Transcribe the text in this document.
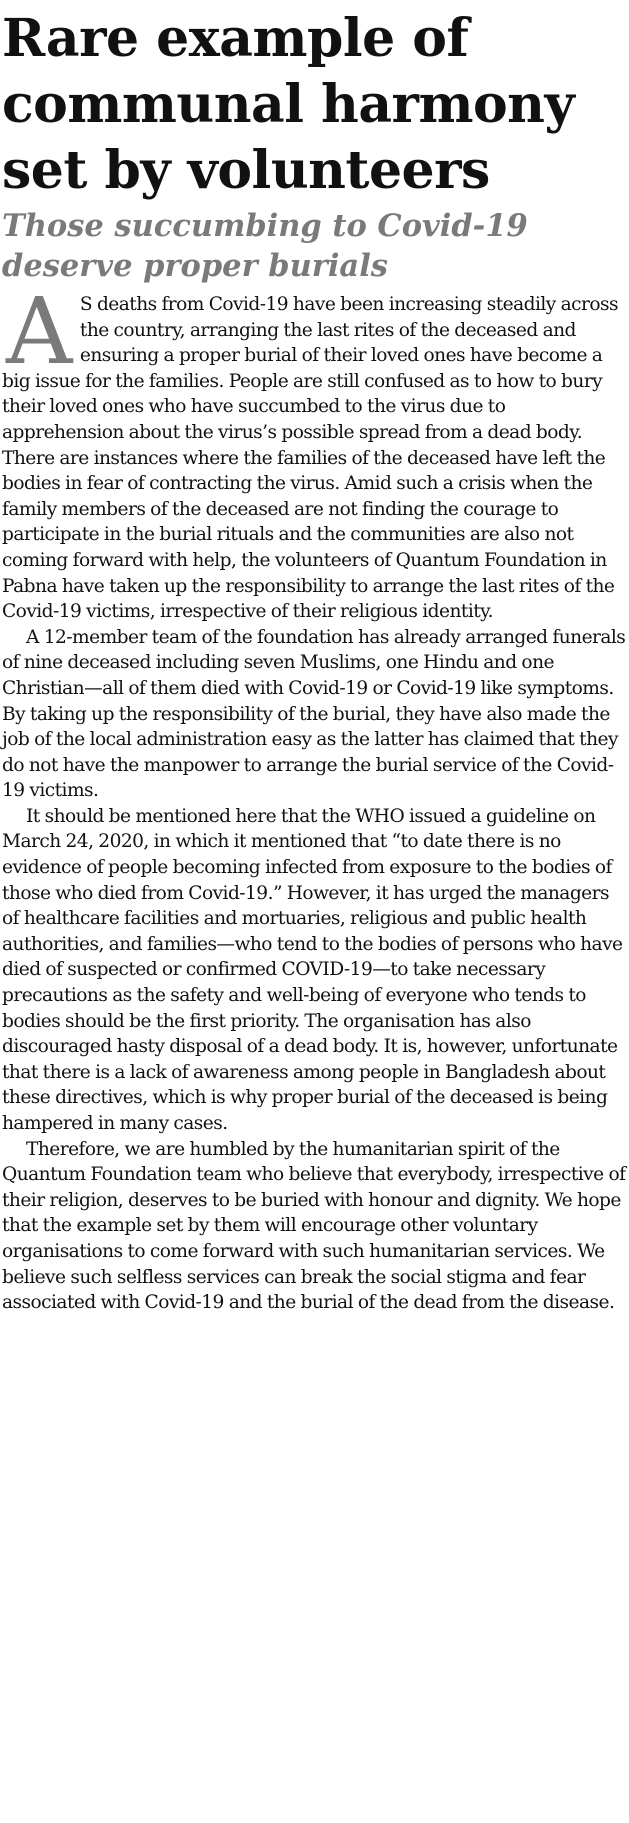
Rare example of communal harmony set by volunteers
Those succumbing to Covid-19 deserve proper burials

A S deaths from Covid-19 have been increasing steadily across the country, arranging the last rites of the deceased and ensuring a proper burial of their loved ones have become a big issue for the families. People are still confused as to how to bury their loved ones who have succumbed to the virus due to apprehension about the virus’s possible spread from a dead body. There are instances where the families of the deceased have left the bodies in fear of contracting the virus. Amid such a crisis when the family members of the deceased are not finding the courage to participate in the burial rituals and the communities are also not coming forward with help, the volunteers of Quantum Foundation in Pabna have taken up the responsibility to arrange the last rites of the Covid-19 victims, irrespective of their religious identity.

A 12-member team of the foundation has already arranged funerals of nine deceased including seven Muslims, one Hindu and one Christian—all of them died with Covid-19 or Covid-19 like symptoms. By taking up the responsibility of the burial, they have also made the job of the local administration easy as the latter has claimed that they do not have the manpower to arrange the burial service of the Covid-19 victims.

It should be mentioned here that the WHO issued a guideline on March 24, 2020, in which it mentioned that “to date there is no evidence of people becoming infected from exposure to the bodies of those who died from Covid-19.” However, it has urged the managers of healthcare facilities and mortuaries, religious and public health authorities, and families—who tend to the bodies of persons who have died of suspected or confirmed COVID-19—to take necessary precautions as the safety and well-being of everyone who tends to bodies should be the first priority. The organisation has also discouraged hasty disposal of a dead body. It is, however, unfortunate that there is a lack of awareness among people in Bangladesh about these directives, which is why proper burial of the deceased is being hampered in many cases.

Therefore, we are humbled by the humanitarian spirit of the Quantum Foundation team who believe that everybody, irrespective of their religion, deserves to be buried with honour and dignity. We hope that the example set by them will encourage other voluntary organisations to come forward with such humanitarian services. We believe such selfless services can break the social stigma and fear associated with Covid-19 and the burial of the dead from the disease.
